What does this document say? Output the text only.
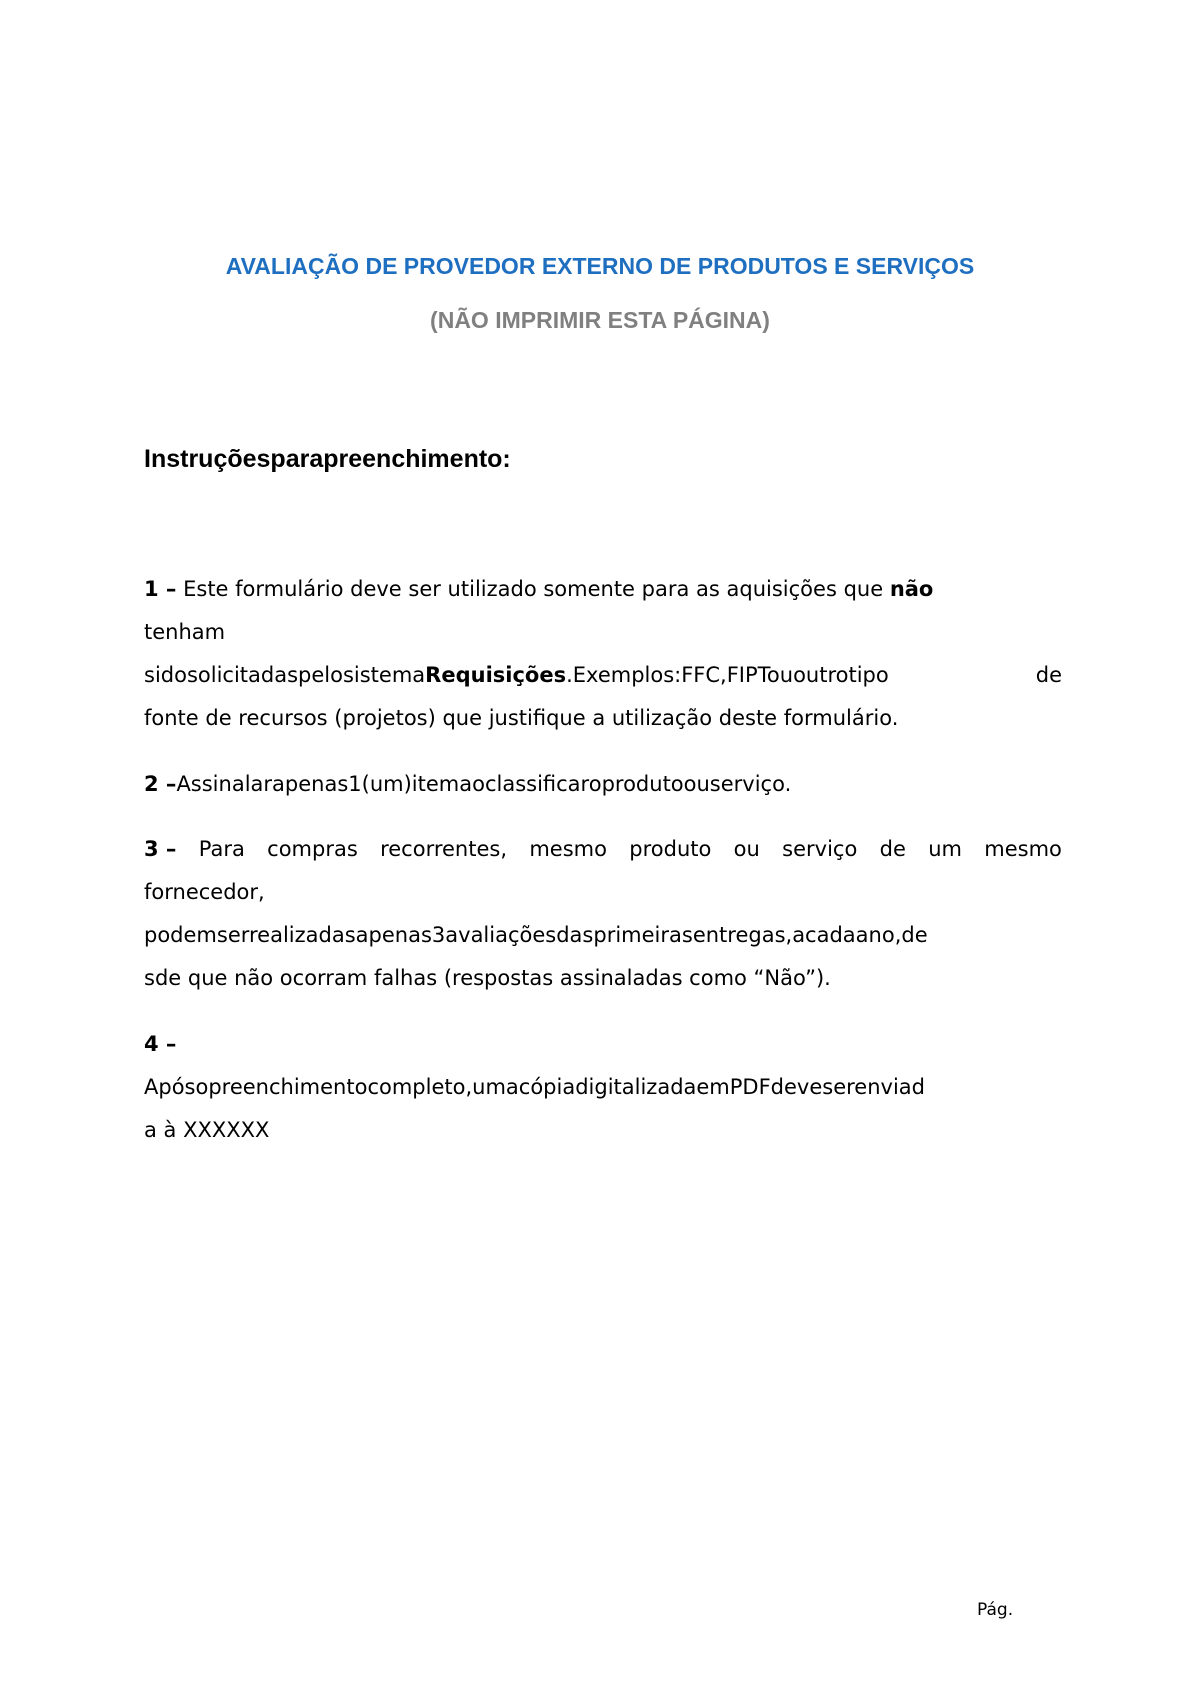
AVALIAÇÃO DE PROVEDOR EXTERNO DE PRODUTOS E SERVIÇOS
(NÃO IMPRIMIR ESTA PÁGINA)
Instruçõesparapreenchimento:
1 – Este formulário deve ser utilizado somente para as aquisições que não
tenham
sidosolicitadaspelosistemaRequisições.Exemplos:FFC,FIPTououtrotipo	de
fonte de recursos (projetos) que justifique a utilização deste formulário.
2 –Assinalarapenas1(um)itemaoclassificaroprodutoouserviço.
3 – Para compras recorrentes, mesmo produto ou serviço de um mesmo
fornecedor,
podemserrealizadasapenas3avaliaçõesdasprimeirasentregas,acadaano,de
sde que não ocorram falhas (respostas assinaladas como “Não”).
4 –
Apósopreenchimentocompleto,umacópiadigitalizadaemPDFdeveserenviad
a à XXXXXX
Pág.
